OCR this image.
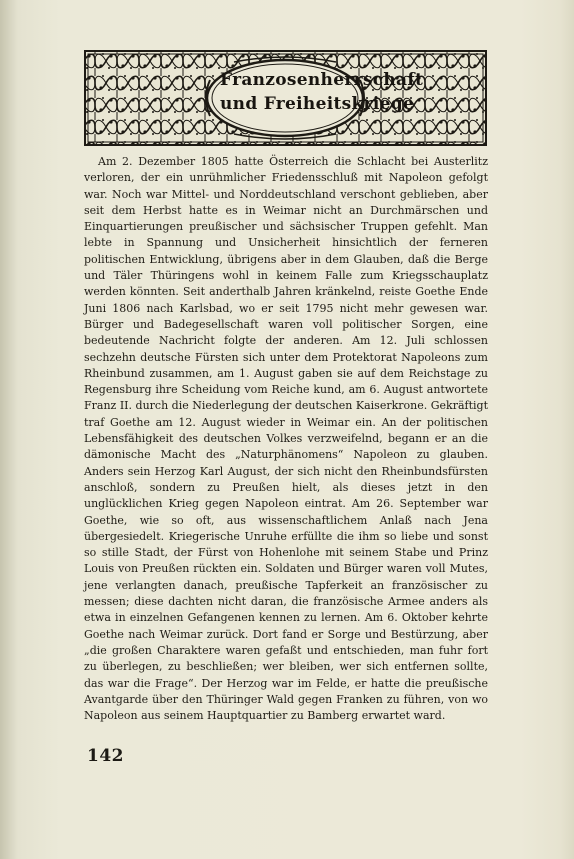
Franzosenherrschaft
und Freiheitskriege

Am 2. Dezember 1805 hatte Österreich die Schlacht bei Austerlitz verloren, der ein unrühmlicher Friedensschluß mit Napoleon gefolgt war. Noch war Mittel- und Norddeutschland verschont geblieben, aber seit dem Herbst hatte es in Weimar nicht an Durchmärschen und Einquartierungen preußischer und sächsischer Truppen gefehlt. Man lebte in Spannung und Unsicherheit hinsichtlich der ferneren politischen Entwicklung, übrigens aber in dem Glauben, daß die Berge und Täler Thüringens wohl in keinem Falle zum Kriegsschauplatz werden könnten. Seit anderthalb Jahren kränkelnd, reiste Goethe Ende Juni 1806 nach Karlsbad, wo er seit 1795 nicht mehr gewesen war. Bürger und Badegesellschaft waren voll politischer Sorgen, eine bedeutende Nachricht folgte der anderen. Am 12. Juli schlossen sechzehn deutsche Fürsten sich unter dem Protektorat Napoleons zum Rheinbund zusammen, am 1. August gaben sie auf dem Reichstage zu Regensburg ihre Scheidung vom Reiche kund, am 6. August antwortete Franz II. durch die Niederlegung der deutschen Kaiserkrone. Gekräftigt traf Goethe am 12. August wieder in Weimar ein. An der politischen Lebensfähigkeit des deutschen Volkes verzweifelnd, begann er an die dämonische Macht des „Naturphänomens“ Napoleon zu glauben. Anders sein Herzog Karl August, der sich nicht den Rheinbundsfürsten anschloß, sondern zu Preußen hielt, als dieses jetzt in den unglücklichen Krieg gegen Napoleon eintrat. Am 26. September war Goethe, wie so oft, aus wissenschaftlichem Anlaß nach Jena übergesiedelt. Kriegerische Unruhe erfüllte die ihm so liebe und sonst so stille Stadt, der Fürst von Hohenlohe mit seinem Stabe und Prinz Louis von Preußen rückten ein. Soldaten und Bürger waren voll Mutes, jene verlangten danach, preußische Tapferkeit an französischer zu messen; diese dachten nicht daran, die französische Armee anders als etwa in einzelnen Gefangenen kennen zu lernen. Am 6. Oktober kehrte Goethe nach Weimar zurück. Dort fand er Sorge und Bestürzung, aber „die großen Charaktere waren gefaßt und entschieden, man fuhr fort zu überlegen, zu beschließen; wer bleiben, wer sich entfernen sollte, das war die Frage“. Der Herzog war im Felde, er hatte die preußische Avantgarde über den Thüringer Wald gegen Franken zu führen, von wo Napoleon aus seinem Hauptquartier zu Bamberg erwartet ward.

142
